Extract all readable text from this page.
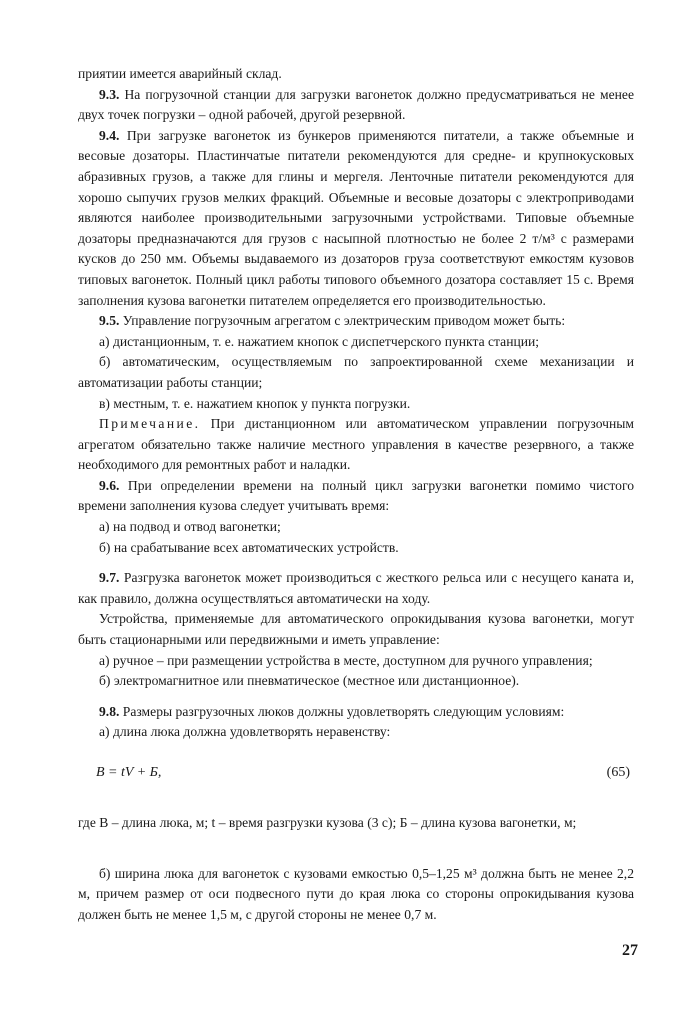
приятии имеется аварийный склад.

9.3. На погрузочной станции для загрузки вагонеток должно предусматриваться не менее двух точек погрузки – одной рабочей, другой резервной.

9.4. При загрузке вагонеток из бункеров применяются питатели, а также объемные и весовые дозаторы. Пластинчатые питатели рекомендуются для средне- и крупнокусковых абразивных грузов, а также для глины и мергеля. Ленточные питатели рекомендуются для хорошо сыпучих грузов мелких фракций. Объемные и весовые дозаторы с электроприводами являются наиболее производительными загрузочными устройствами. Типовые объемные дозаторы предназначаются для грузов с насыпной плотностью не более 2 т/м³ с размерами кусков до 250 мм. Объемы выдаваемого из дозаторов груза соответствуют емкостям кузовов типовых вагонеток. Полный цикл работы типового объемного дозатора составляет 15 с. Время заполнения кузова вагонетки питателем определяется его производительностью.

9.5. Управление погрузочным агрегатом с электрическим приводом может быть:

а) дистанционным, т. е. нажатием кнопок с диспетчерского пункта станции;

б) автоматическим, осуществляемым по запроектированной схеме механизации и автоматизации работы станции;

в) местным, т. е. нажатием кнопок у пункта погрузки.

Примечание. При дистанционном или автоматическом управлении погрузочным агрегатом обязательно также наличие местного управления в качестве резервного, а также необходимого для ремонтных работ и наладки.

9.6. При определении времени на полный цикл загрузки вагонетки помимо чистого времени заполнения кузова следует учитывать время:

а) на подвод и отвод вагонетки;

б) на срабатывание всех автоматических устройств.

9.7. Разгрузка вагонеток может производиться с жесткого рельса или с несущего каната и, как правило, должна осуществляться автоматически на ходу.

Устройства, применяемые для автоматического опрокидывания кузова вагонетки, могут быть стационарными или передвижными и иметь управление:

а) ручное – при размещении устройства в месте, доступном для ручного управления;

б) электромагнитное или пневматическое (местное или дистанционное).

9.8. Размеры разгрузочных люков должны удовлетворять следующим условиям:

а) длина люка должна удовлетворять неравенству:

B = tV + Б,	(65)

где B – длина люка, м; t – время разгрузки кузова (3 с); Б – длина кузова вагонетки, м;

б) ширина люка для вагонеток с кузовами емкостью 0,5–1,25 м³ должна быть не менее 2,2 м, причем размер от оси подвесного пути до края люка со стороны опрокидывания кузова должен быть не менее 1,5 м, с другой стороны не менее 0,7 м.

27
